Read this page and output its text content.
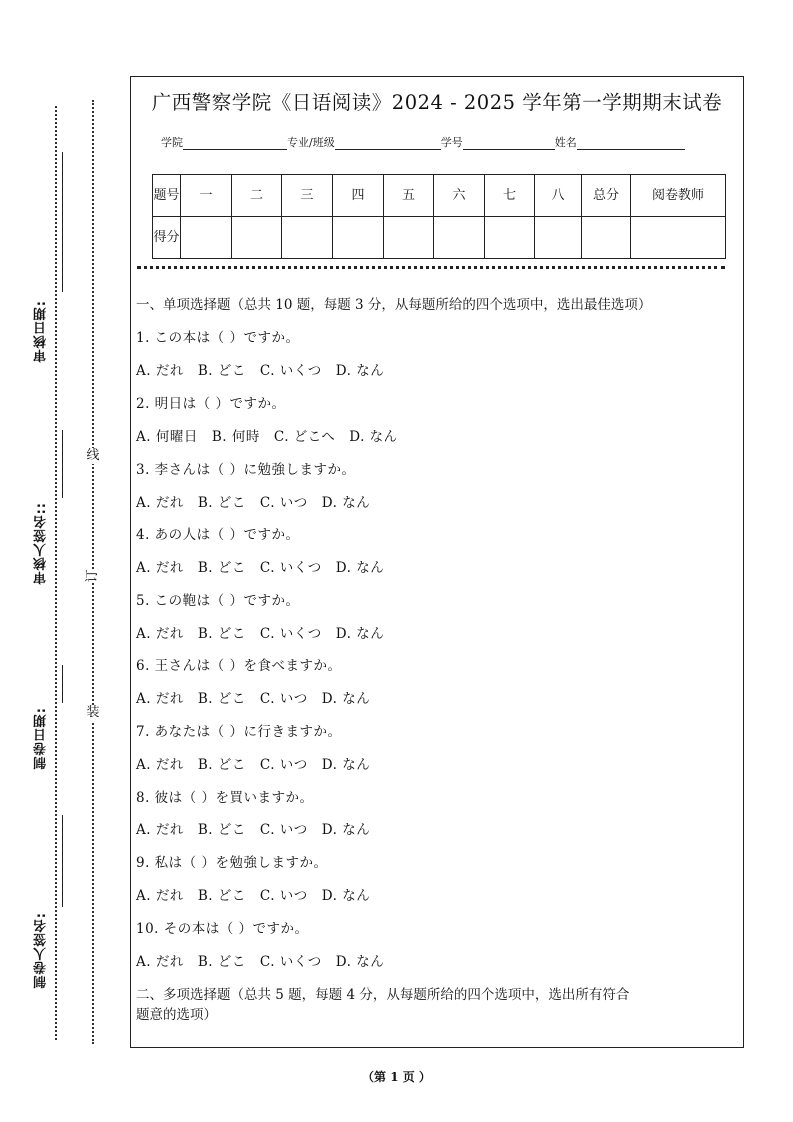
线
订
装
审核日期:
审核人签名::
制卷日期:
制卷人签名:
广西警察学院《日语阅读》2024 - 2025 学年第一学期期末试卷
学院	专业/班级	学号	姓名
题号	一	二	三	四	五	六	七	八	总分	阅卷教师
得分										
一、单项选择题（总共 10 题，每题 3 分，从每题所给的四个选项中，选出最佳选项）
1. この本は（ ）ですか。
A. だれ B. どこ C. いくつ D. なん
2. 明日は（ ）ですか。
A. 何曜日 B. 何時 C. どこへ D. なん
3. 李さんは（ ）に勉強しますか。
A. だれ B. どこ C. いつ D. なん
4. あの人は（ ）ですか。
A. だれ B. どこ C. いくつ D. なん
5. この鞄は（ ）ですか。
A. だれ B. どこ C. いくつ D. なん
6. 王さんは（ ）を食べますか。
A. だれ B. どこ C. いつ D. なん
7. あなたは（ ）に行きますか。
A. だれ B. どこ C. いつ D. なん
8. 彼は（ ）を買いますか。
A. だれ B. どこ C. いつ D. なん
9. 私は（ ）を勉強しますか。
A. だれ B. どこ C. いつ D. なん
10. その本は（ ）ですか。
A. だれ B. どこ C. いくつ D. なん
二、多项选择题（总共 5 题，每题 4 分，从每题所给的四个选项中，选出所有符合
题意的选项）
（第 1 页 ）
